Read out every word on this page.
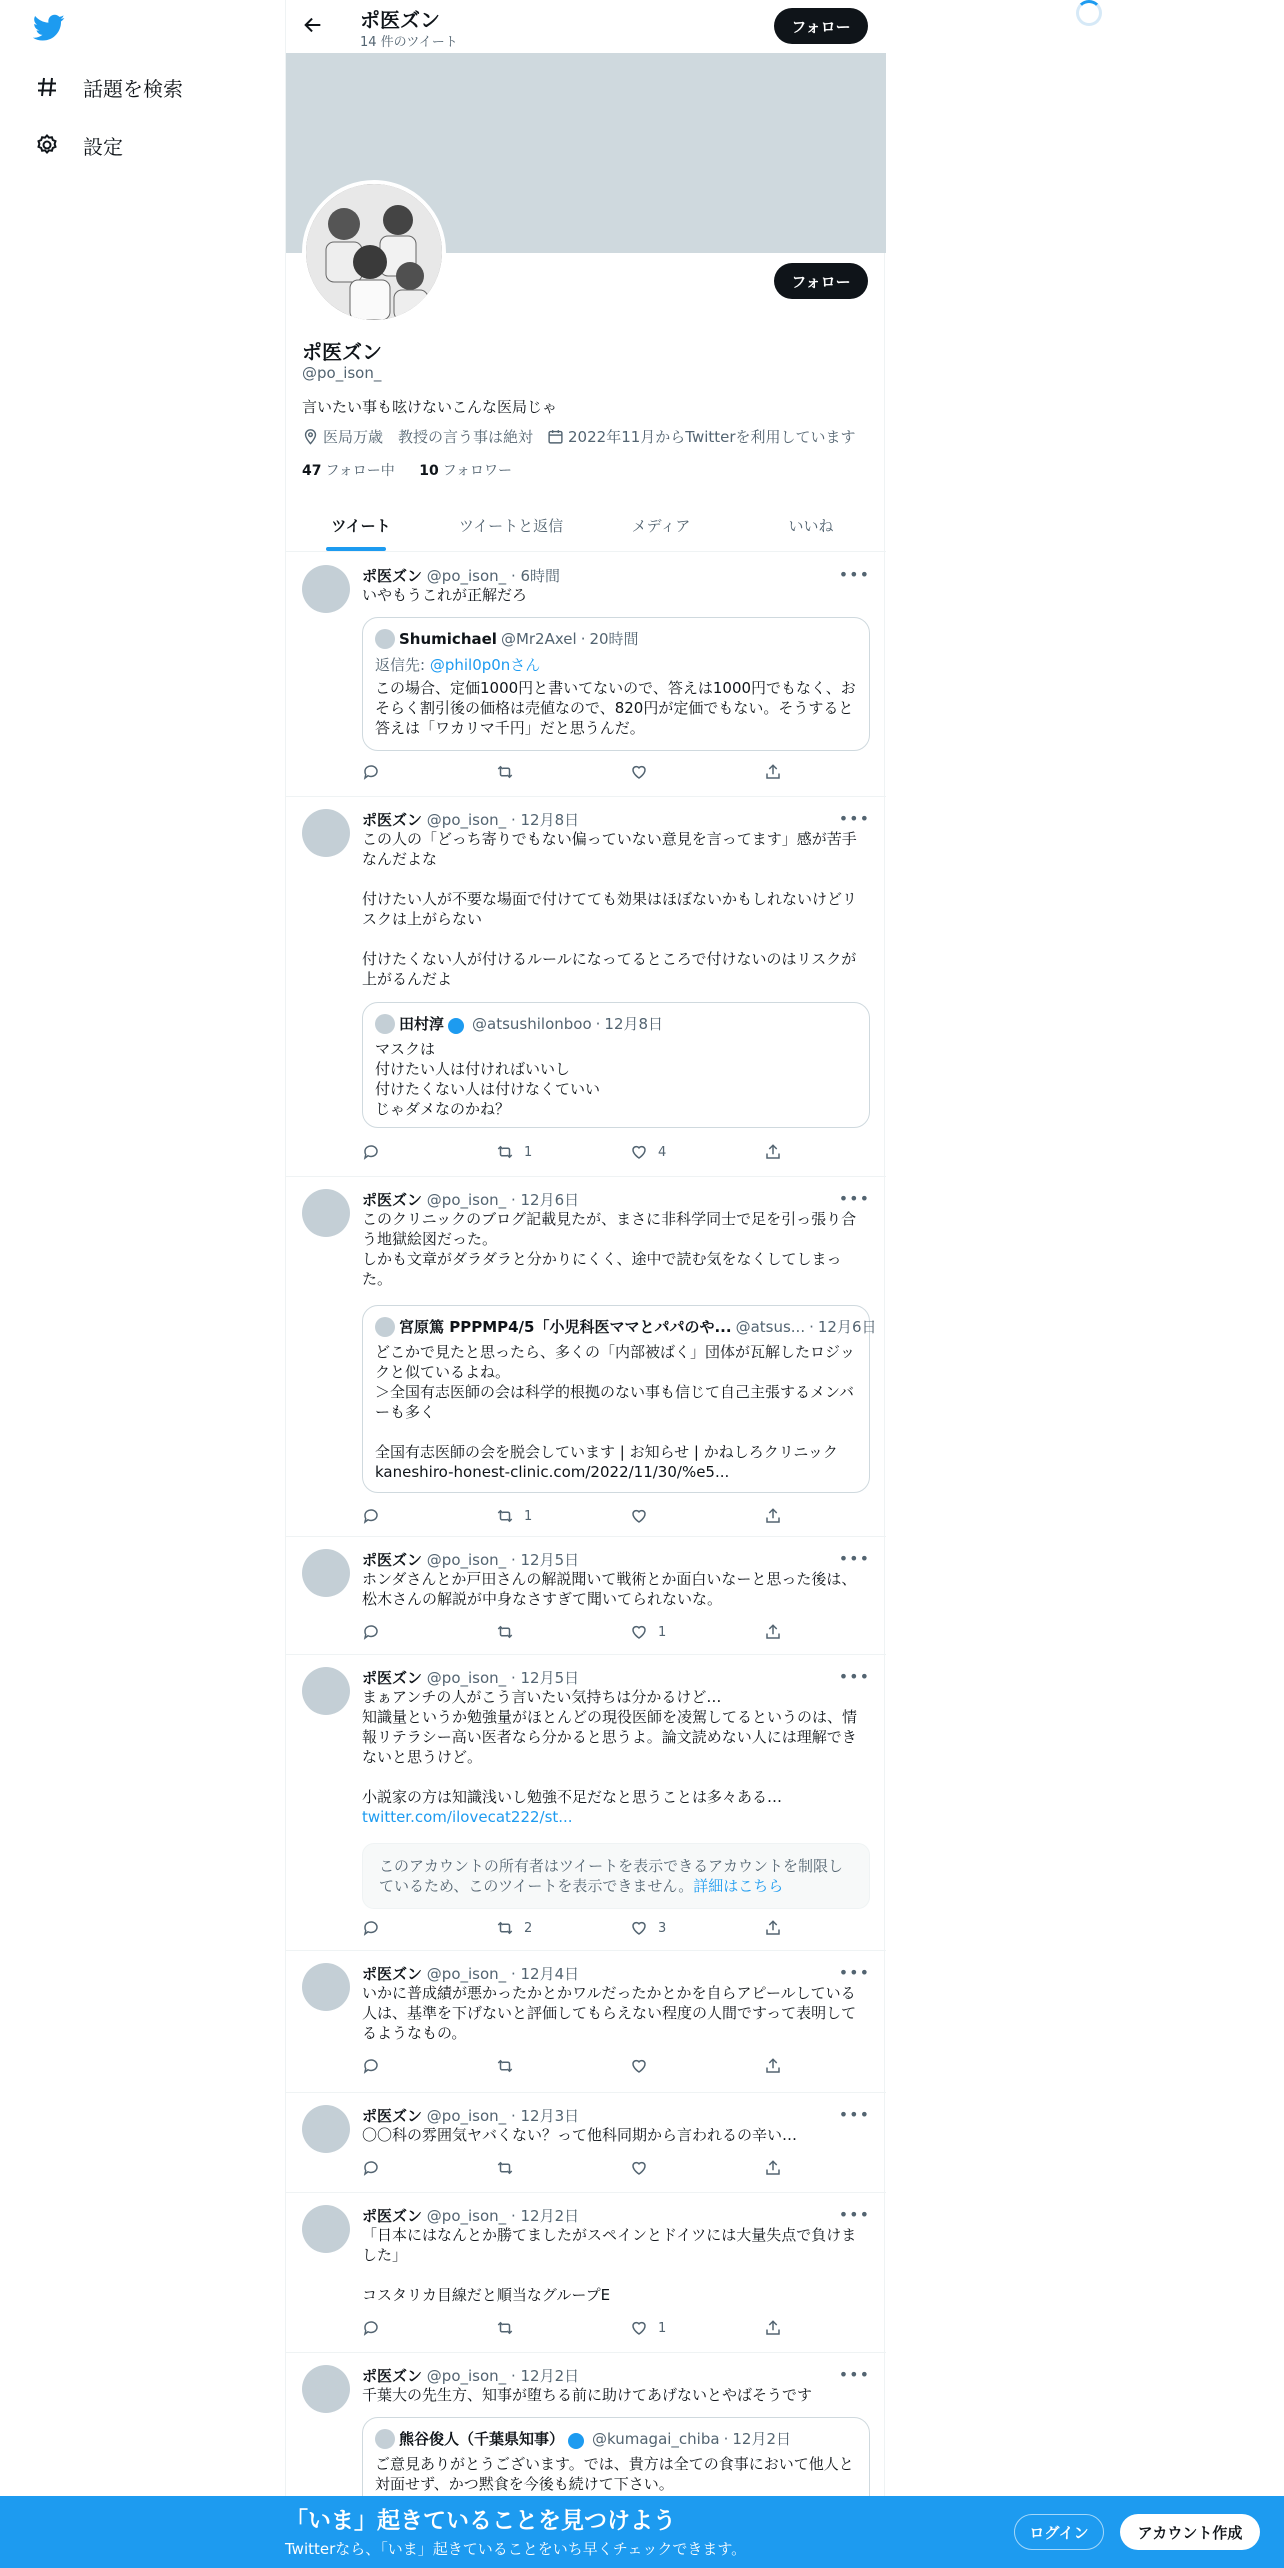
話題を検索
設定
ポ医ズン
14 件のツイート
フォロー
フォロー
ポ医ズン
@po_ison_
言いたい事も呟けないこんな医局じゃ
医局万歳　教授の言う事は絶対 2022年11月からTwitterを利用しています
47 フォロー中 10 フォロワー
ツイート	ツイートと返信	メディア	いいね
ポ医ズン @po_ison_ · 6時間	•••
いやもうこれが正解だろ
Shumichael @Mr2Axel · 20時間
返信先: @phil0p0nさん
この場合、定価1000円と書いてないので、答えは1000円でもなく、おそらく割引後の価格は売値なので、820円が定価でもない。そうすると答えは「ワカリマ千円」だと思うんだ。
ポ医ズン @po_ison_ · 12月8日	•••
この人の「どっち寄りでもない偏っていない意見を言ってます」感が苦手なんだよな

付けたい人が不要な場面で付けてても効果はほぼないかもしれないけどリスクは上がらない

付けたくない人が付けるルールになってるところで付けないのはリスクが上がるんだよ
田村淳 @atsushilonboo · 12月8日
マスクは
付けたい人は付ければいいし
付けたくない人は付けなくていい
じゃダメなのかね？
1	4
ポ医ズン @po_ison_ · 12月6日	•••
このクリニックのブログ記載見たが、まさに非科学同士で足を引っ張り合う地獄絵図だった。
しかも文章がダラダラと分かりにくく、途中で読む気をなくしてしまった。
宮原篤 PPPMP4/5「小児科医ママとパパのや... @atsus... · 12月6日
どこかで見たと思ったら、多くの「内部被ばく」団体が瓦解したロジックと似ているよね。
＞全国有志医師の会は科学的根拠のない事も信じて自己主張するメンバーも多く

全国有志医師の会を脱会しています | お知らせ | かねしろクリニック
kaneshiro-honest-clinic.com/2022/11/30/%e5...
1
ポ医ズン @po_ison_ · 12月5日	•••
ホンダさんとか戸田さんの解説聞いて戦術とか面白いなーと思った後は、松木さんの解説が中身なさすぎて聞いてられないな。
1
ポ医ズン @po_ison_ · 12月5日	•••
まぁアンチの人がこう言いたい気持ちは分かるけど…
知識量というか勉強量がほとんどの現役医師を凌駕してるというのは、情報リテラシー高い医者なら分かると思うよ。論文読めない人には理解できないと思うけど。

小説家の方は知識浅いし勉強不足だなと思うことは多々ある…
twitter.com/ilovecat222/st...
このアカウントの所有者はツイートを表示できるアカウントを制限しているため、このツイートを表示できません。詳細はこちら
2	3
ポ医ズン @po_ison_ · 12月4日	•••
いかに普成績が悪かったかとかワルだったかとかを自らアピールしている人は、基準を下げないと評価してもらえない程度の人間ですって表明してるようなもの。
ポ医ズン @po_ison_ · 12月3日	•••
〇〇科の雰囲気ヤバくない？って他科同期から言われるの辛い…
ポ医ズン @po_ison_ · 12月2日	•••
「日本にはなんとか勝てましたがスペインとドイツには大量失点で負けました」

コスタリカ目線だと順当なグループE
1
ポ医ズン @po_ison_ · 12月2日	•••
千葉大の先生方、知事が堕ちる前に助けてあげないとやばそうです
熊谷俊人（千葉県知事） @kumagai_chiba · 12月2日
ご意見ありがとうございます。では、貴方は全ての食事において他人と対面せず、かつ黙食を今後も続けて下さい。
「いま」起きていることを見つけよう
Twitterなら、「いま」起きていることをいち早くチェックできます。
ログイン	アカウント作成
